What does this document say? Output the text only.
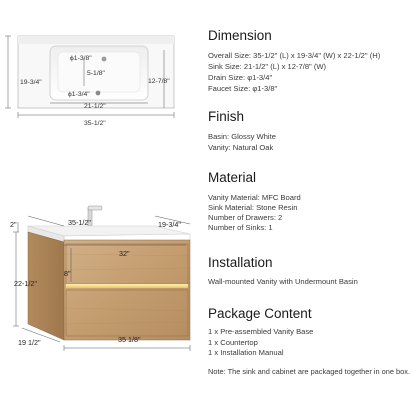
ϕ1-3/8"
5-1/8"
19-3/4"	12-7/8"
ϕ1-3/4"
21-1/2"
35-1/2"
2"	35-1/2"	19-3/4"
32"
8"
22-1/2"
19 1/2"	35 1/8"
Dimension
Overall Size: 35-1/2" (L) x 19-3/4" (W) x 22-1/2" (H)
Sink Size: 21-1/2" (L) x 12-7/8" (W)
Drain Size: φ1-3/4"
Faucet Size: φ1-3/8"
Finish
Basin: Glossy White
Vanity: Natural Oak
Material
Vanity Material: MFC Board
Sink Material: Stone Resin
Number of Drawers: 2
Number of Sinks: 1
Installation
Wall-mounted Vanity with Undermount Basin
Package Content
1 x Pre-assembled Vanity Base
1 x Countertop
1 x Installation Manual
Note: The sink and cabinet are packaged together in one box.
